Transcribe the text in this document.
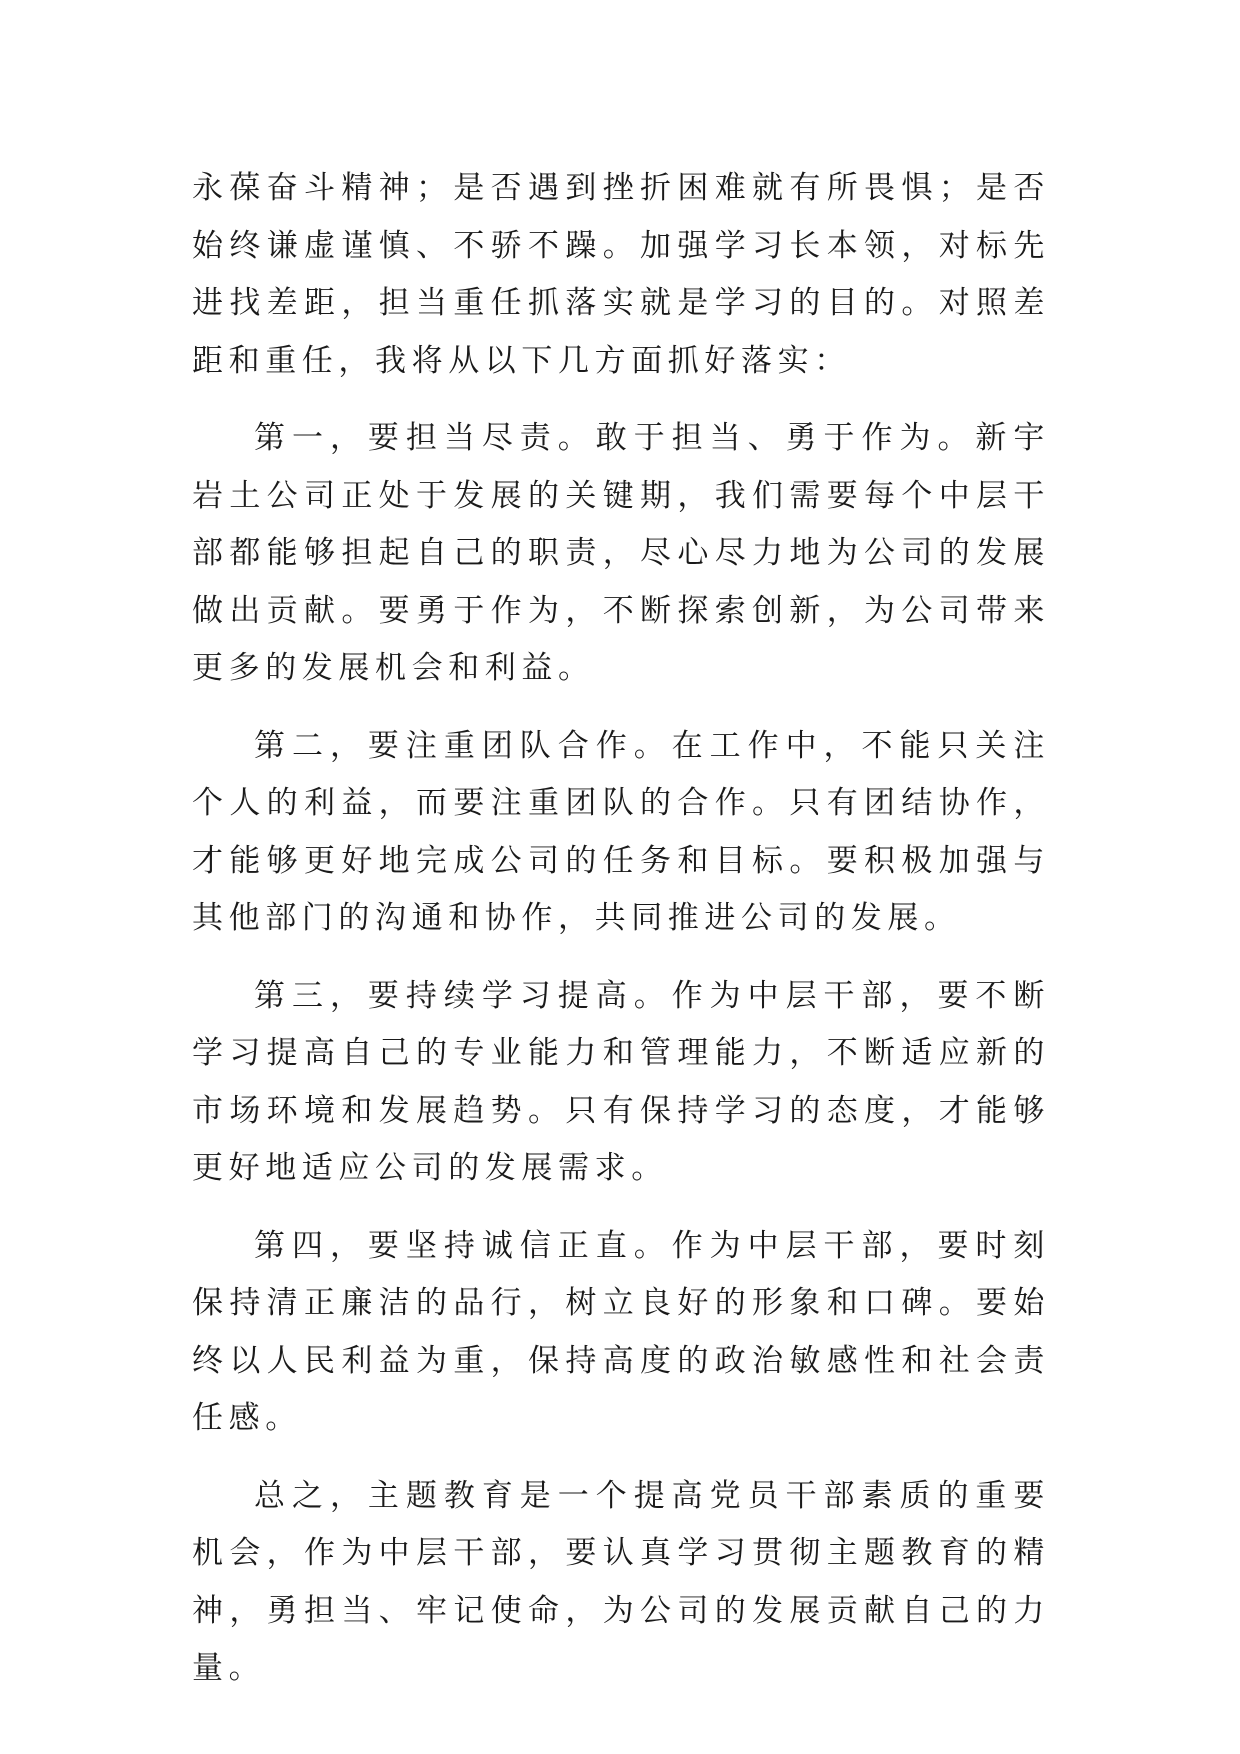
永葆奋斗精神；是否遇到挫折困难就有所畏惧；是否始终谦虚谨慎、不骄不躁。加强学习长本领，对标先进找差距，担当重任抓落实就是学习的目的。对照差距和重任，我将从以下几方面抓好落实：

第一，要担当尽责。敢于担当、勇于作为。新宇岩土公司正处于发展的关键期，我们需要每个中层干部都能够担起自己的职责，尽心尽力地为公司的发展做出贡献。要勇于作为，不断探索创新，为公司带来更多的发展机会和利益。

第二，要注重团队合作。在工作中，不能只关注个人的利益，而要注重团队的合作。只有团结协作，才能够更好地完成公司的任务和目标。要积极加强与其他部门的沟通和协作，共同推进公司的发展。

第三，要持续学习提高。作为中层干部，要不断学习提高自己的专业能力和管理能力，不断适应新的市场环境和发展趋势。只有保持学习的态度，才能够更好地适应公司的发展需求。

第四，要坚持诚信正直。作为中层干部，要时刻保持清正廉洁的品行，树立良好的形象和口碑。要始终以人民利益为重，保持高度的政治敏感性和社会责任感。

总之，主题教育是一个提高党员干部素质的重要机会，作为中层干部，要认真学习贯彻主题教育的精神，勇担当、牢记使命，为公司的发展贡献自己的力量。
